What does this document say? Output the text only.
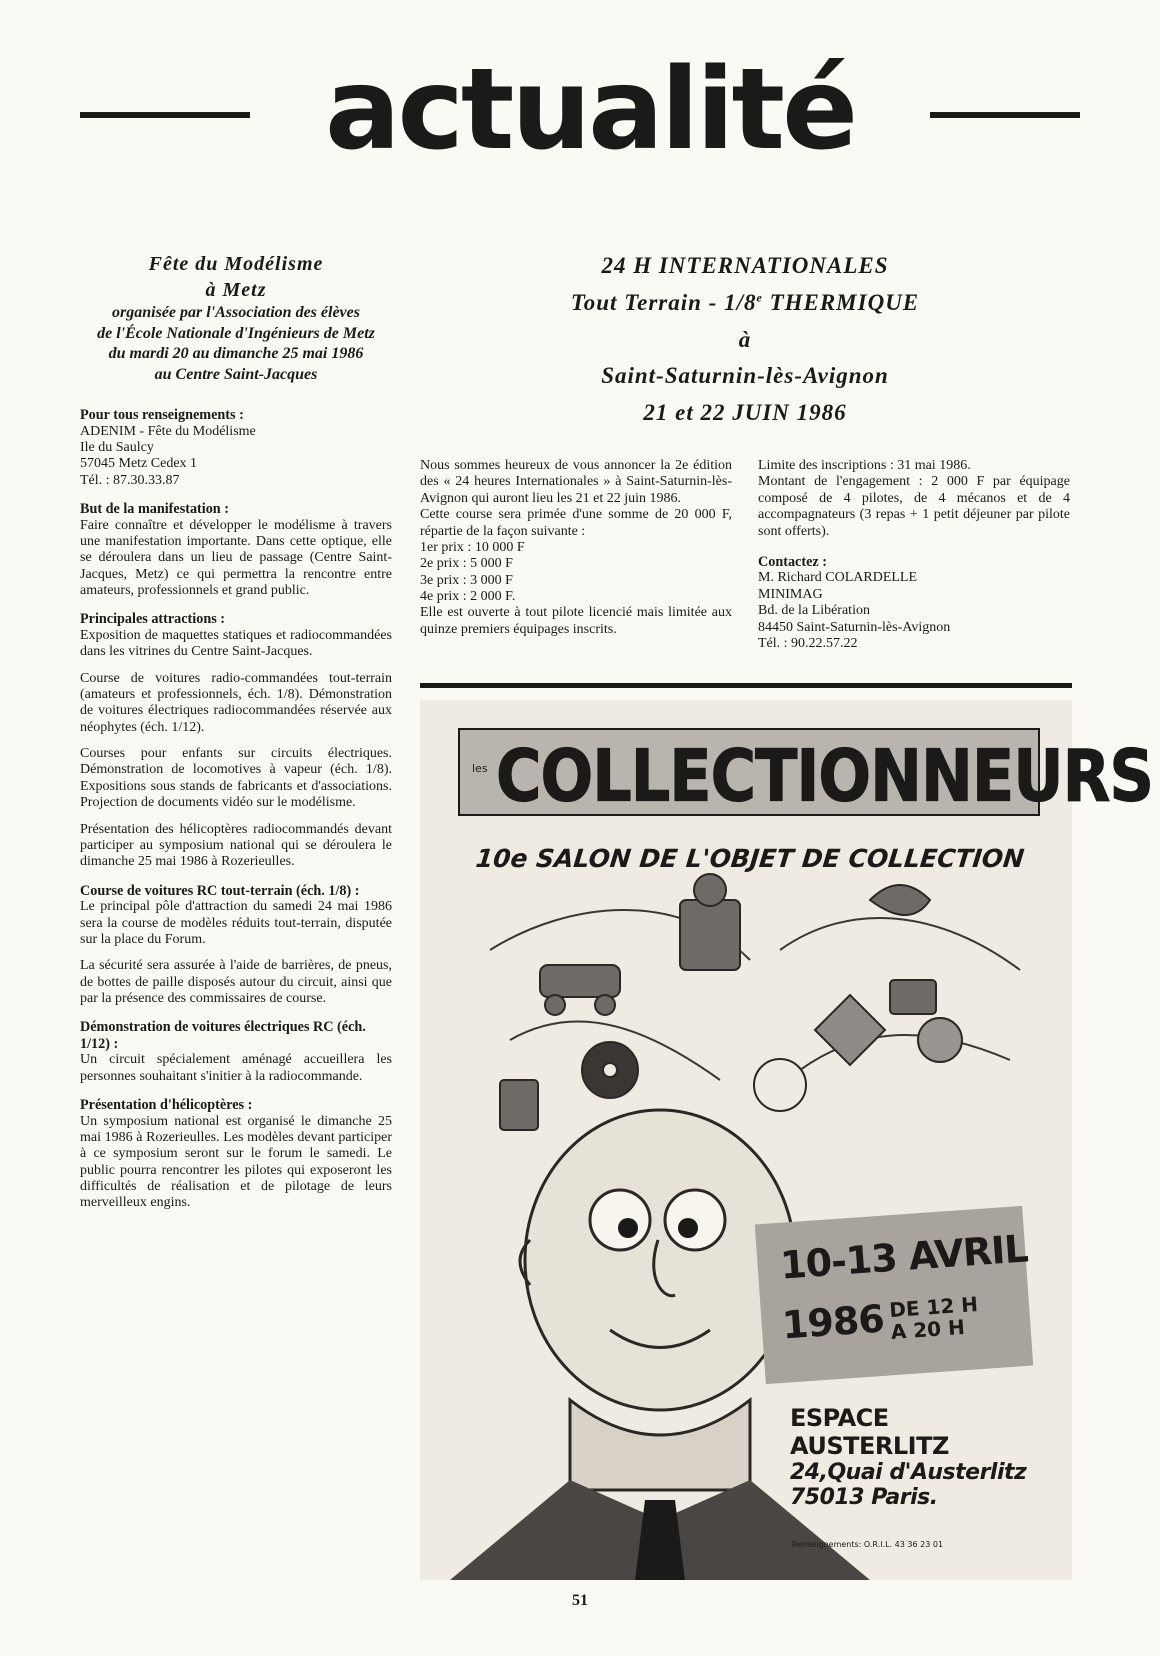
actualité
Fête du Modélisme
à Metz
organisée par l'Association des élèves
de l'École Nationale d'Ingénieurs de Metz
du mardi 20 au dimanche 25 mai 1986
au Centre Saint-Jacques
Pour tous renseignements :

ADENIM - Fête du Modélisme
Ile du Saulcy
57045 Metz Cedex 1
Tél. : 87.30.33.87

But de la manifestation :

Faire connaître et développer le modélisme à travers une manifestation importante. Dans cette optique, elle se déroulera dans un lieu de passage (Centre Saint-Jacques, Metz) ce qui permettra la rencontre entre amateurs, professionnels et grand public.

Principales attractions :

Exposition de maquettes statiques et radiocommandées dans les vitrines du Centre Saint-Jacques.

Course de voitures radio-commandées tout-terrain (amateurs et professionnels, éch. 1/8). Démonstration de voitures électriques radiocommandées réservée aux néophytes (éch. 1/12).

Courses pour enfants sur circuits électriques. Démonstration de locomotives à vapeur (éch. 1/8). Expositions sous stands de fabricants et d'associations. Projection de documents vidéo sur le modélisme.

Présentation des hélicoptères radiocommandés devant participer au symposium national qui se déroulera le dimanche 25 mai 1986 à Rozerieulles.

Course de voitures RC tout-terrain (éch. 1/8) :

Le principal pôle d'attraction du samedi 24 mai 1986 sera la course de modèles réduits tout-terrain, disputée sur la place du Forum.

La sécurité sera assurée à l'aide de barrières, de pneus, de bottes de paille disposés autour du circuit, ainsi que par la présence des commissaires de course.

Démonstration de voitures électriques RC (éch. 1/12) :

Un circuit spécialement aménagé accueillera les personnes souhaitant s'initier à la radiocommande.

Présentation d'hélicoptères :

Un symposium national est organisé le dimanche 25 mai 1986 à Rozerieulles. Les modèles devant participer à ce symposium seront sur le forum le samedi. Le public pourra rencontrer les pilotes qui exposeront les difficultés de réalisation et de pilotage de leurs merveilleux engins.

24 H INTERNATIONALES
Tout Terrain - 1/8e THERMIQUE
à
Saint-Saturnin-lès-Avignon
21 et 22 JUIN 1986

Nous sommes heureux de vous annoncer la 2e édition des « 24 heures Internationales » à Saint-Saturnin-lès-Avignon qui auront lieu les 21 et 22 juin 1986.

Cette course sera primée d'une somme de 20 000 F, répartie de la façon suivante :

1er prix : 10 000 F
2e prix : 5 000 F
3e prix : 3 000 F
4e prix : 2 000 F.

Elle est ouverte à tout pilote licencié mais limitée aux quinze premiers équipages inscrits.

Limite des inscriptions : 31 mai 1986.

Montant de l'engagement : 2 000 F par équipage composé de 4 pilotes, de 4 mécanos et de 4 accompagnateurs (3 repas + 1 petit déjeuner par pilote sont offerts).

Contactez :

M. Richard COLARDELLE
MINIMAG
Bd. de la Libération
84450 Saint-Saturnin-lès-Avignon
Tél. : 90.22.57.22

les COLLECTIONNEURS
10e SALON DE L'OBJET DE COLLECTION
10-13 AVRIL
1986 DE 12 H
A 20 H
ESPACE
AUSTERLITZ
24,Quai d'Austerlitz
75013 Paris.
Renseignements: O.R.I.L. 43 36 23 01
51
